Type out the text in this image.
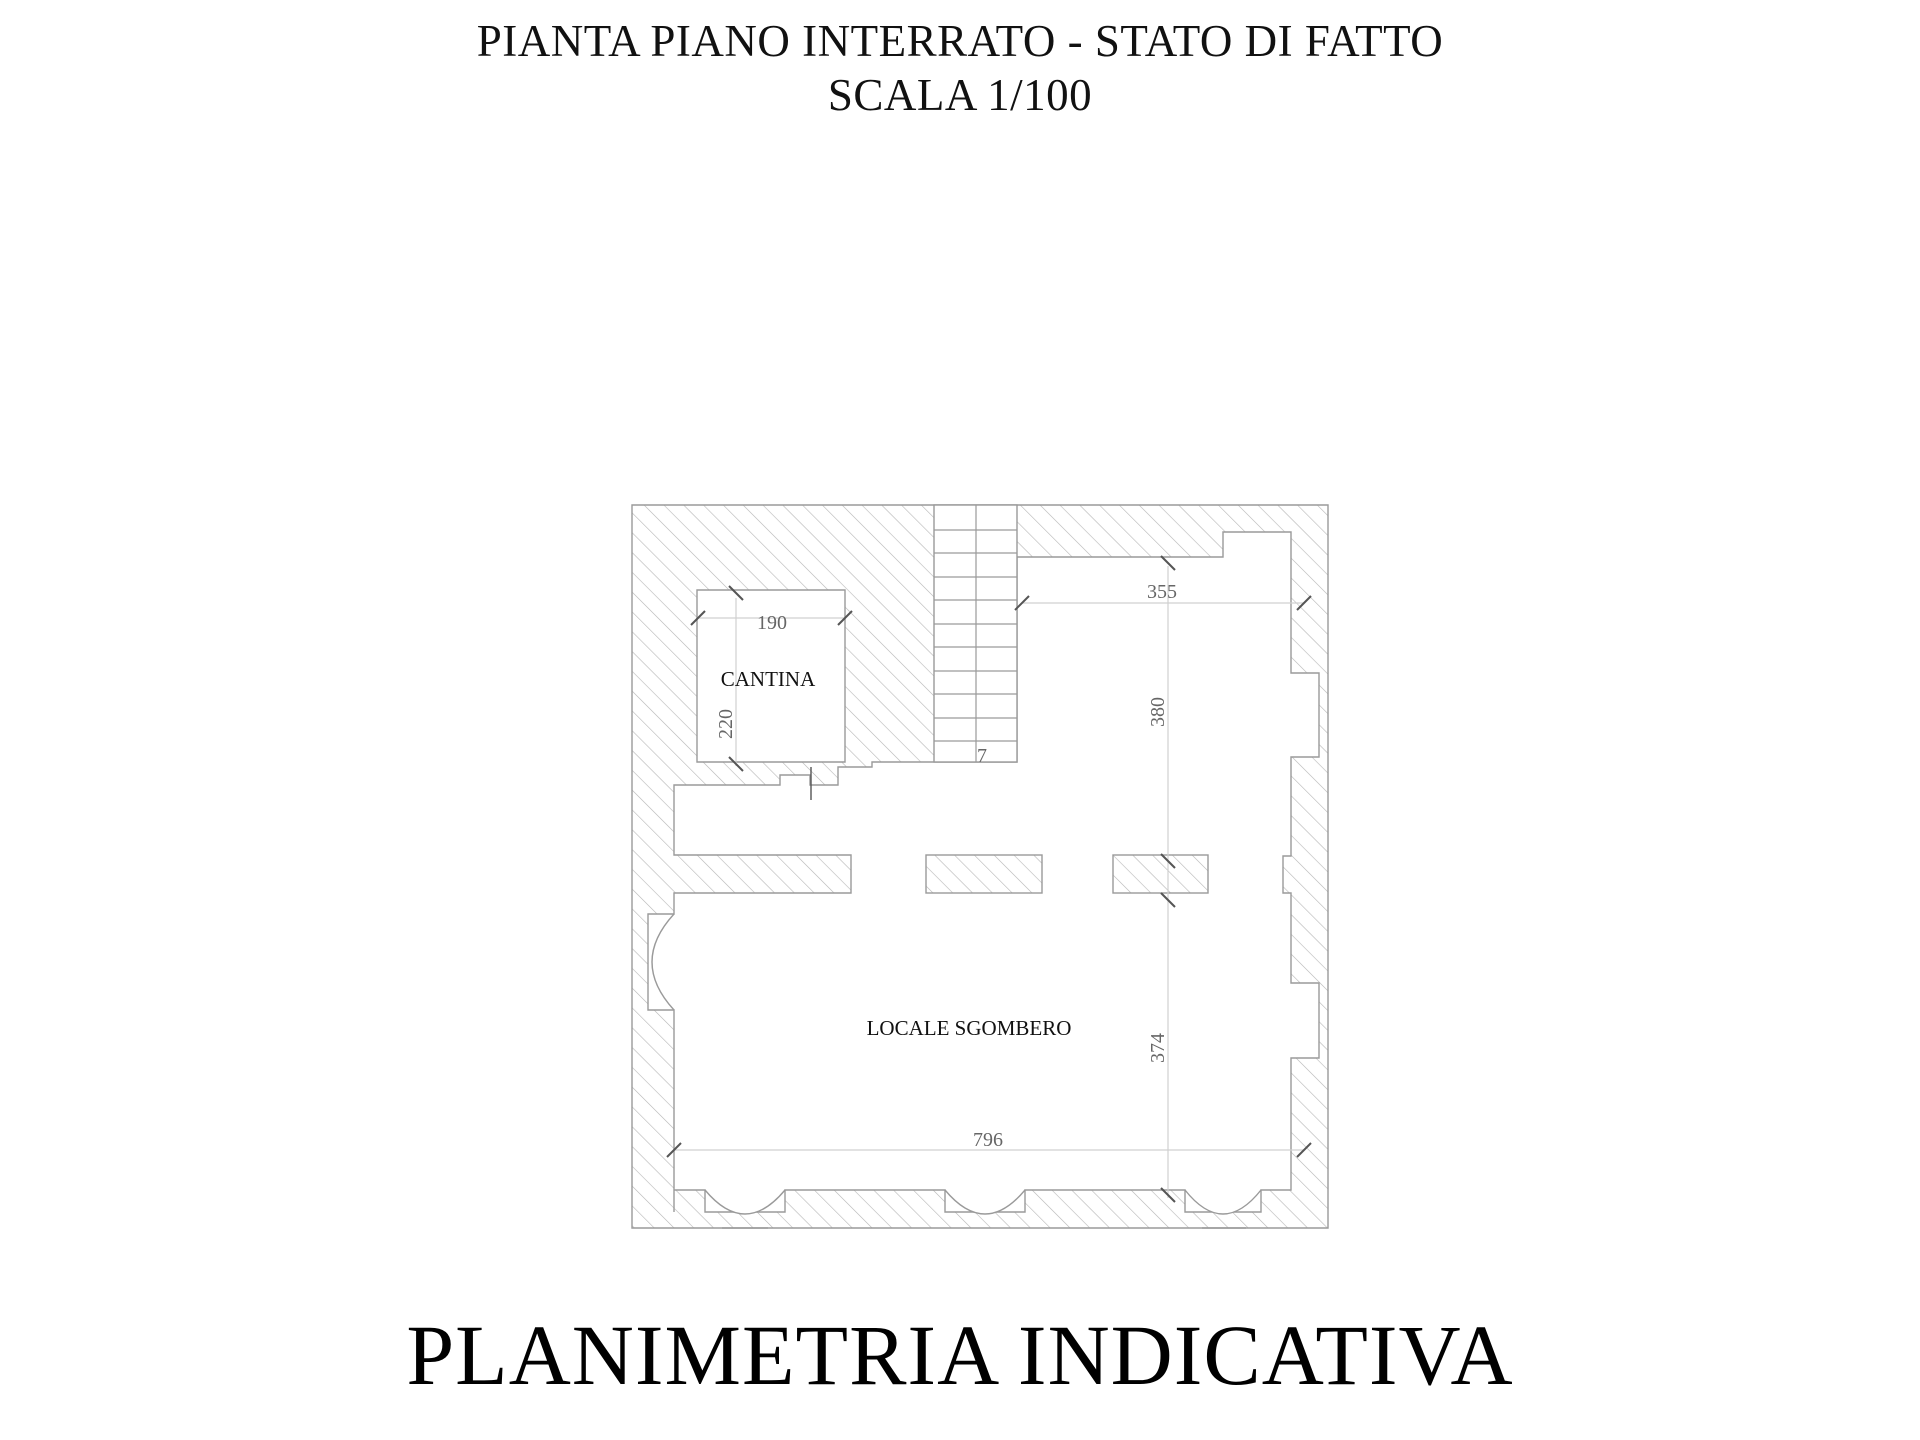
PIANTA PIANO INTERRATO - STATO DI FATTO
SCALA 1/100
CANTINA
LOCALE SGOMBERO
355
190
7
796
380
220
374
PLANIMETRIA INDICATIVA
